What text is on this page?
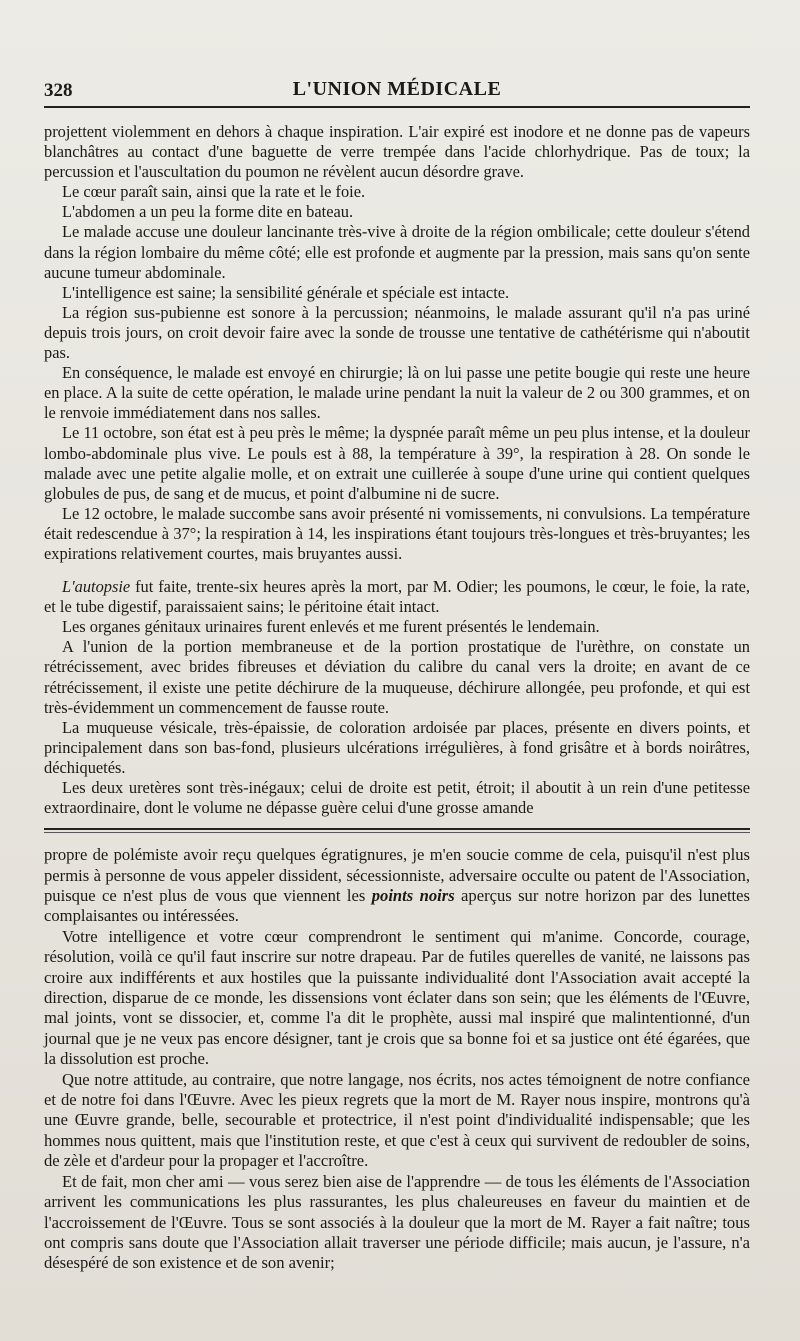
328	L'UNION MÉDICALE

projettent violemment en dehors à chaque inspiration. L'air expiré est inodore et ne donne pas de vapeurs blanchâtres au contact d'une baguette de verre trempée dans l'acide chlorhydrique. Pas de toux; la percussion et l'auscultation du poumon ne révèlent aucun désordre grave.

Le cœur paraît sain, ainsi que la rate et le foie.

L'abdomen a un peu la forme dite en bateau.

Le malade accuse une douleur lancinante très-vive à droite de la région ombilicale; cette douleur s'étend dans la région lombaire du même côté; elle est profonde et augmente par la pression, mais sans qu'on sente aucune tumeur abdominale.

L'intelligence est saine; la sensibilité générale et spéciale est intacte.

La région sus-pubienne est sonore à la percussion; néanmoins, le malade assurant qu'il n'a pas uriné depuis trois jours, on croit devoir faire avec la sonde de trousse une tentative de cathétérisme qui n'aboutit pas.

En conséquence, le malade est envoyé en chirurgie; là on lui passe une petite bougie qui reste une heure en place. A la suite de cette opération, le malade urine pendant la nuit la valeur de 2 ou 300 grammes, et on le renvoie immédiatement dans nos salles.

Le 11 octobre, son état est à peu près le même; la dyspnée paraît même un peu plus intense, et la douleur lombo-abdominale plus vive. Le pouls est à 88, la température à 39°, la respiration à 28. On sonde le malade avec une petite algalie molle, et on extrait une cuillerée à soupe d'une urine qui contient quelques globules de pus, de sang et de mucus, et point d'albumine ni de sucre.

Le 12 octobre, le malade succombe sans avoir présenté ni vomissements, ni convulsions. La température était redescendue à 37°; la respiration à 14, les inspirations étant toujours très-longues et très-bruyantes; les expirations relativement courtes, mais bruyantes aussi.

L'autopsie fut faite, trente-six heures après la mort, par M. Odier; les poumons, le cœur, le foie, la rate, et le tube digestif, paraissaient sains; le péritoine était intact.

Les organes génitaux urinaires furent enlevés et me furent présentés le lendemain.

A l'union de la portion membraneuse et de la portion prostatique de l'urèthre, on constate un rétrécissement, avec brides fibreuses et déviation du calibre du canal vers la droite; en avant de ce rétrécissement, il existe une petite déchirure de la muqueuse, déchirure allongée, peu profonde, et qui est très-évidemment un commencement de fausse route.

La muqueuse vésicale, très-épaissie, de coloration ardoisée par places, présente en divers points, et principalement dans son bas-fond, plusieurs ulcérations irrégulières, à fond grisâtre et à bords noirâtres, déchiquetés.

Les deux uretères sont très-inégaux; celui de droite est petit, étroit; il aboutit à un rein d'une petitesse extraordinaire, dont le volume ne dépasse guère celui d'une grosse amande

propre de polémiste avoir reçu quelques égratignures, je m'en soucie comme de cela, puisqu'il n'est plus permis à personne de vous appeler dissident, sécessionniste, adversaire occulte ou patent de l'Association, puisque ce n'est plus de vous que viennent les points noirs aperçus sur notre horizon par des lunettes complaisantes ou intéressées.

Votre intelligence et votre cœur comprendront le sentiment qui m'anime. Concorde, courage, résolution, voilà ce qu'il faut inscrire sur notre drapeau. Par de futiles querelles de vanité, ne laissons pas croire aux indifférents et aux hostiles que la puissante individualité dont l'Association avait accepté la direction, disparue de ce monde, les dissensions vont éclater dans son sein; que les éléments de l'Œuvre, mal joints, vont se dissocier, et, comme l'a dit le prophète, aussi mal inspiré que malintentionné, d'un journal que je ne veux pas encore désigner, tant je crois que sa bonne foi et sa justice ont été égarées, que la dissolution est proche.

Que notre attitude, au contraire, que notre langage, nos écrits, nos actes témoignent de notre confiance et de notre foi dans l'Œuvre. Avec les pieux regrets que la mort de M. Rayer nous inspire, montrons qu'à une Œuvre grande, belle, secourable et protectrice, il n'est point d'individualité indispensable; que les hommes nous quittent, mais que l'institution reste, et que c'est à ceux qui survivent de redoubler de soins, de zèle et d'ardeur pour la propager et l'accroître.

Et de fait, mon cher ami — vous serez bien aise de l'apprendre — de tous les éléments de l'Association arrivent les communications les plus rassurantes, les plus chaleureuses en faveur du maintien et de l'accroissement de l'Œuvre. Tous se sont associés à la douleur que la mort de M. Rayer a fait naître; tous ont compris sans doute que l'Association allait traverser une période difficile; mais aucun, je l'assure, n'a désespéré de son existence et de son avenir;
